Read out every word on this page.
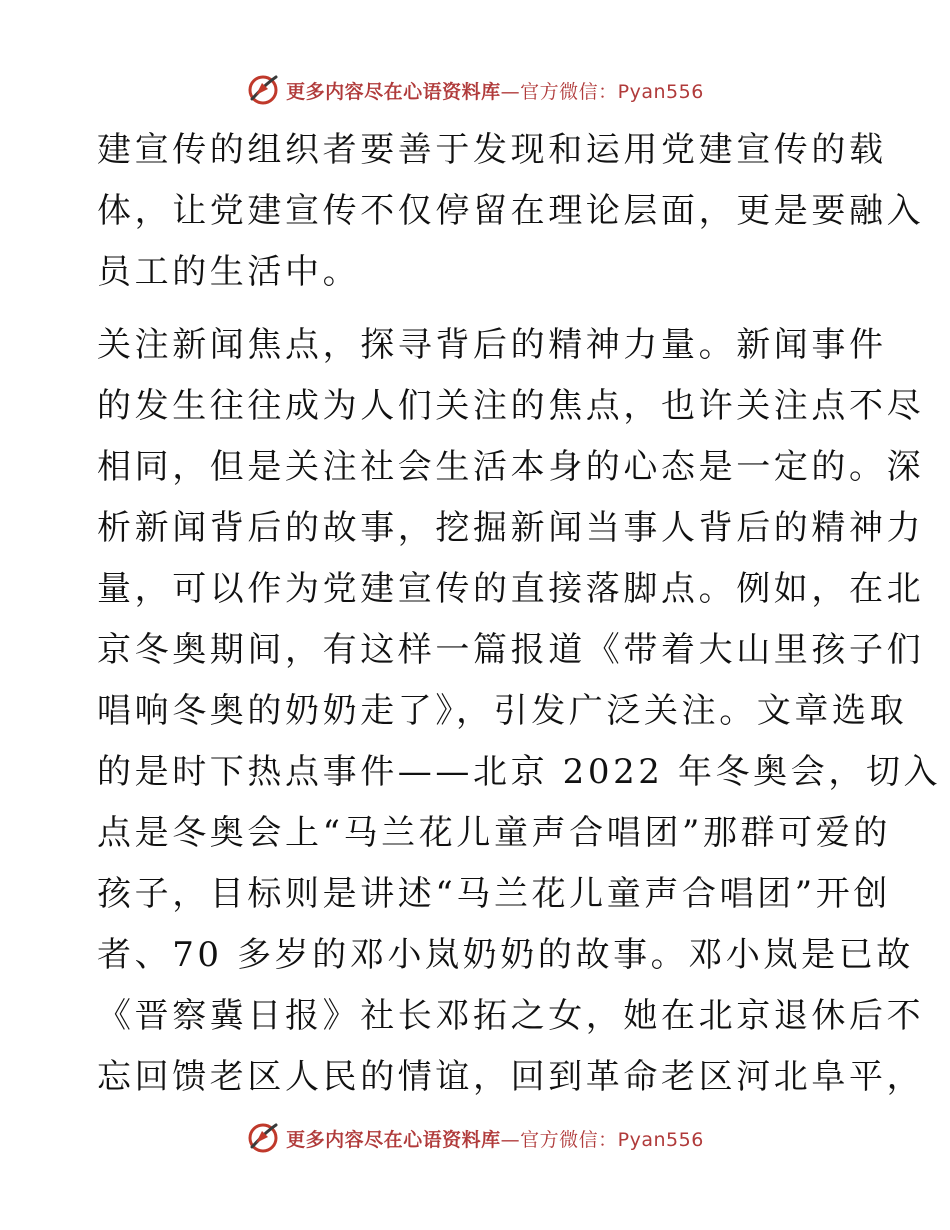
更多内容尽在心语资料库—官方微信：Pyan556

建宣传的组织者要善于发现和运用党建宣传的载
体，让党建宣传不仅停留在理论层面，更是要融入
员工的生活中。

关注新闻焦点，探寻背后的精神力量。新闻事件
的发生往往成为人们关注的焦点，也许关注点不尽
相同，但是关注社会生活本身的心态是一定的。深
析新闻背后的故事，挖掘新闻当事人背后的精神力
量，可以作为党建宣传的直接落脚点。例如，在北
京冬奥期间，有这样一篇报道《带着大山里孩子们
唱响冬奥的奶奶走了》，引发广泛关注。文章选取
的是时下热点事件——北京 2022 年冬奥会，切入
点是冬奥会上“马兰花儿童声合唱团”那群可爱的
孩子，目标则是讲述“马兰花儿童声合唱团”开创
者、70 多岁的邓小岚奶奶的故事。邓小岚是已故
《晋察冀日报》社长邓拓之女，她在北京退休后不
忘回馈老区人民的情谊，回到革命老区河北阜平，

更多内容尽在心语资料库—官方微信：Pyan556
